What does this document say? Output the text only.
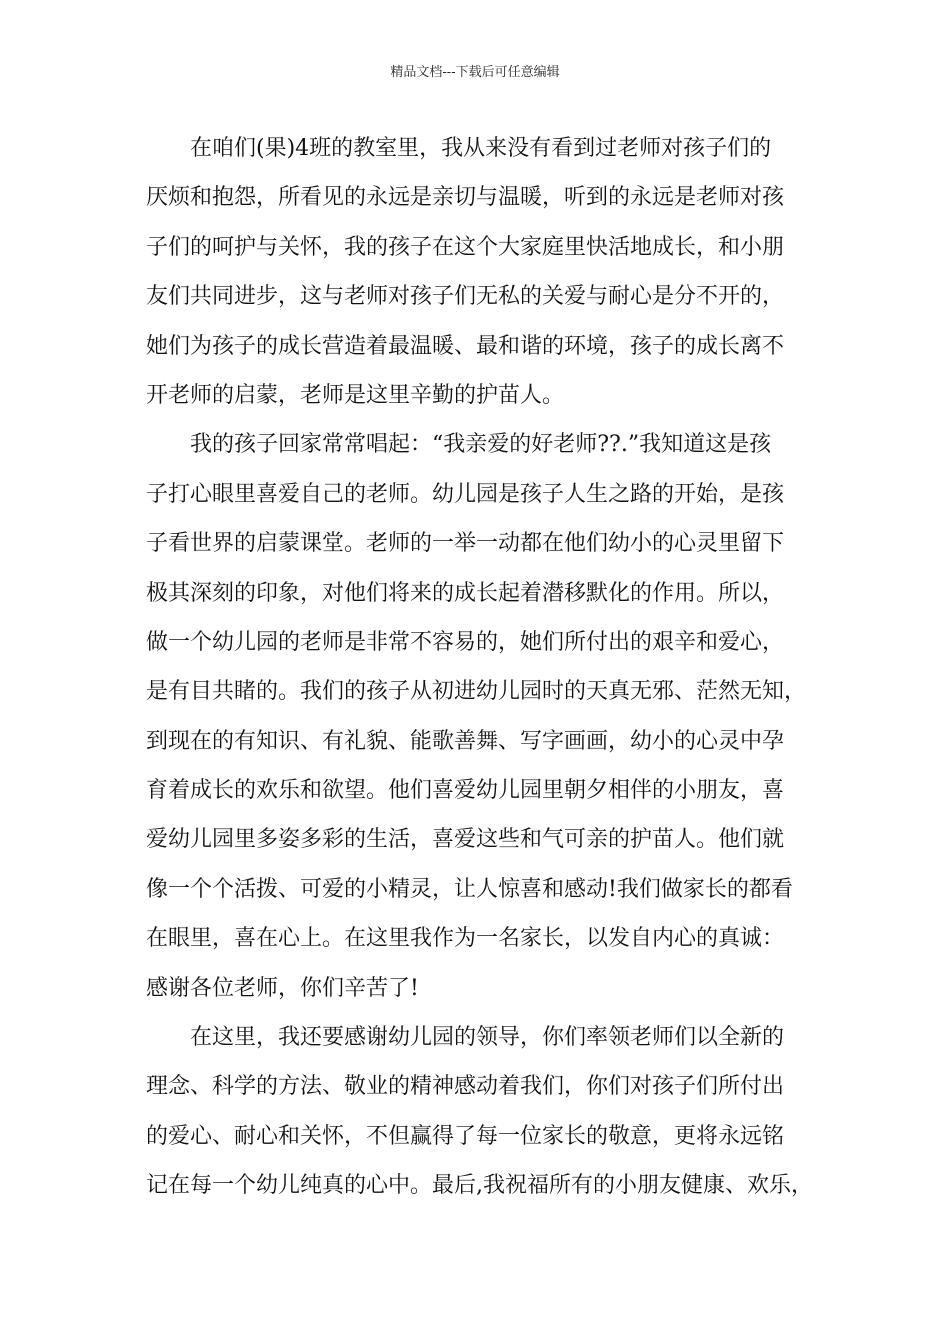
精品文档---下载后可任意编辑

在咱们(果)4班的教室里，我从来没有看到过老师对孩子们的
厌烦和抱怨，所看见的永远是亲切与温暖，听到的永远是老师对孩
子们的呵护与关怀，我的孩子在这个大家庭里快活地成长，和小朋
友们共同进步，这与老师对孩子们无私的关爱与耐心是分不开的，
她们为孩子的成长营造着最温暖、最和谐的环境，孩子的成长离不
开老师的启蒙，老师是这里辛勤的护苗人。

我的孩子回家常常唱起：“我亲爱的好老师??.”我知道这是孩
子打心眼里喜爱自己的老师。幼儿园是孩子人生之路的开始，是孩
子看世界的启蒙课堂。老师的一举一动都在他们幼小的心灵里留下
极其深刻的印象，对他们将来的成长起着潜移默化的作用。所以，
做一个幼儿园的老师是非常不容易的，她们所付出的艰辛和爱心，
是有目共睹的。我们的孩子从初进幼儿园时的天真无邪、茫然无知，
到现在的有知识、有礼貌、能歌善舞、写字画画，幼小的心灵中孕
育着成长的欢乐和欲望。他们喜爱幼儿园里朝夕相伴的小朋友，喜
爱幼儿园里多姿多彩的生活，喜爱这些和气可亲的护苗人。他们就
像一个个活拨、可爱的小精灵，让人惊喜和感动!我们做家长的都看
在眼里，喜在心上。在这里我作为一名家长，以发自内心的真诚：
感谢各位老师，你们辛苦了!

在这里，我还要感谢幼儿园的领导，你们率领老师们以全新的
理念、科学的方法、敬业的精神感动着我们，你们对孩子们所付出
的爱心、耐心和关怀，不但赢得了每一位家长的敬意，更将永远铭
记在每一个幼儿纯真的心中。最后,我祝福所有的小朋友健康、欢乐，
